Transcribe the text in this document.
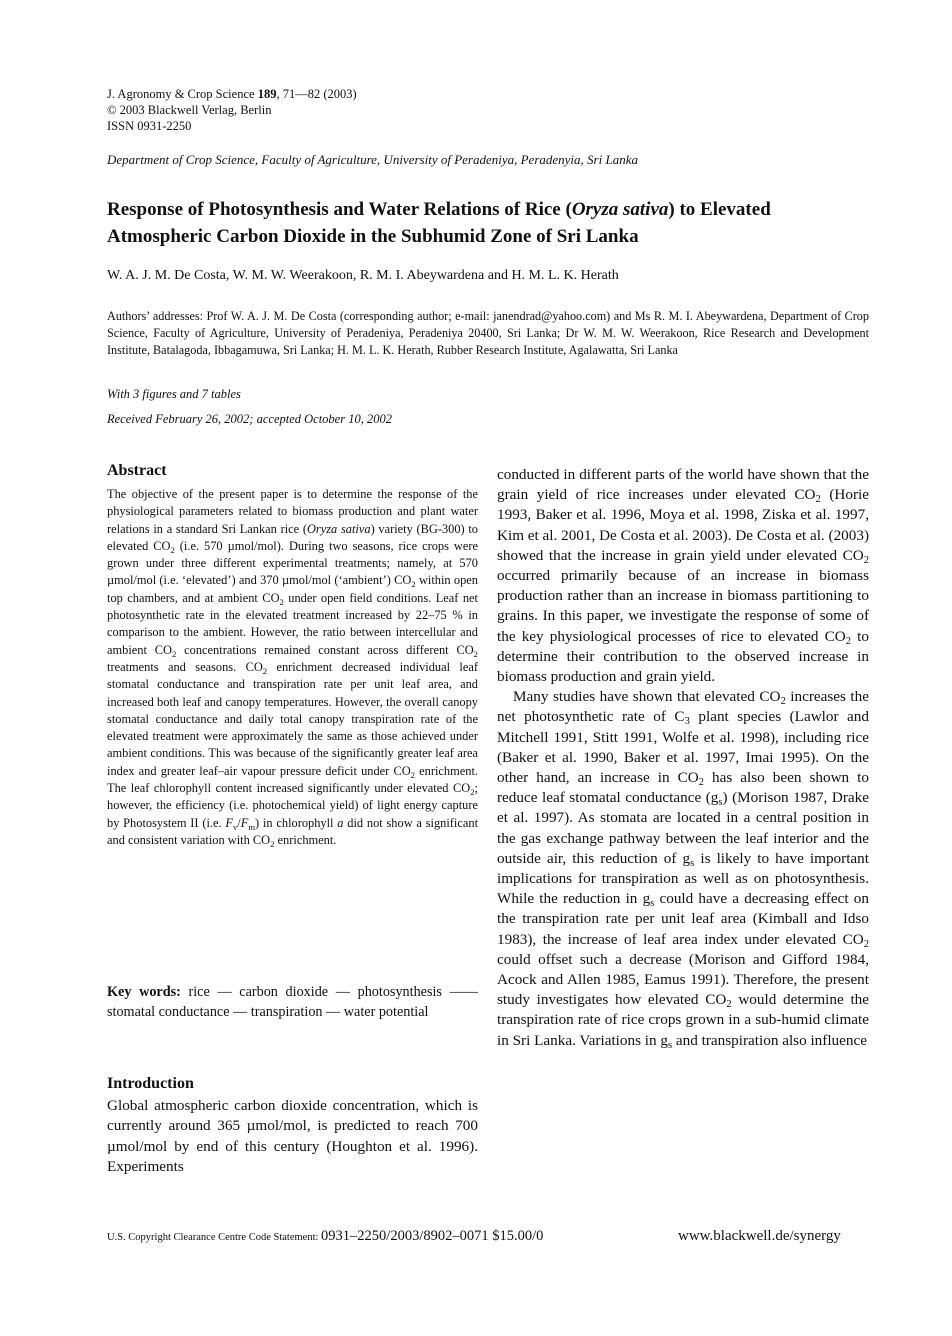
J. Agronomy & Crop Science 189, 71—82 (2003)
© 2003 Blackwell Verlag, Berlin
ISSN 0931-2250
Department of Crop Science, Faculty of Agriculture, University of Peradeniya, Peradenyia, Sri Lanka
Response of Photosynthesis and Water Relations of Rice (Oryza sativa) to Elevated Atmospheric Carbon Dioxide in the Subhumid Zone of Sri Lanka
W. A. J. M. De Costa, W. M. W. Weerakoon, R. M. I. Abeywardena and H. M. L. K. Herath
Authors’ addresses: Prof W. A. J. M. De Costa (corresponding author; e-mail: janendrad@yahoo.com) and Ms R. M. I. Abeywardena, Department of Crop Science, Faculty of Agriculture, University of Peradeniya, Peradeniya 20400, Sri Lanka; Dr W. M. W. Weerakoon, Rice Research and Development Institute, Batalagoda, Ibbagamuwa, Sri Lanka; H. M. L. K. Herath, Rubber Research Institute, Agalawatta, Sri Lanka
With 3 figures and 7 tables
Received February 26, 2002; accepted October 10, 2002
Abstract

The objective of the present paper is to determine the response of the physiological parameters related to biomass production and plant water relations in a standard Sri Lankan rice (Oryza sativa) variety (BG-300) to elevated $CO_2$ (i.e. 570 µmol/mol). During two seasons, rice crops were grown under three different experimental treatments; namely, at 570 µmol/mol (i.e. ‘elevated’) and 370 µmol/mol (‘ambient’) $CO_2$ within open top chambers, and at ambient $CO_2$ under open field conditions. Leaf net photosynthetic rate in the elevated treatment increased by 22–75 % in comparison to the ambient. However, the ratio between intercellular and ambient $CO_2$ concentrations remained constant across different $CO_2$ treatments and seasons. $CO_2$ enrichment decreased individual leaf stomatal conductance and transpiration rate per unit leaf area, and increased both leaf and canopy temperatures. However, the overall canopy stomatal conductance and daily total canopy transpiration rate of the elevated treatment were approximately the same as those achieved under ambient conditions. This was because of the significantly greater leaf area index and greater leaf–air vapour pressure deficit under $CO_2$ enrichment. The leaf chlorophyll content increased significantly under elevated $CO_2$; however, the efficiency (i.e. photochemical yield) of light energy capture by Photosystem II (i.e. $F_v/F_m$) in chlorophyll a did not show a significant and consistent variation with $CO_2$ enrichment.

Key words: rice — carbon dioxide — photosynthesis —— stomatal conductance — transpiration — water potential
Introduction
Global atmospheric carbon dioxide concentration, which is currently around 365 µmol/mol, is predicted to reach 700 µmol/mol by end of this century (Houghton et al. 1996). Experiments

conducted in different parts of the world have shown that the grain yield of rice increases under elevated $CO_2$ (Horie 1993, Baker et al. 1996, Moya et al. 1998, Ziska et al. 1997, Kim et al. 2001, De Costa et al. 2003). De Costa et al. (2003) showed that the increase in grain yield under elevated $CO_2$ occurred primarily because of an increase in biomass production rather than an increase in biomass partitioning to grains. In this paper, we investigate the response of some of the key physiological processes of rice to elevated $CO_2$ to determine their contribution to the observed increase in biomass production and grain yield.

Many studies have shown that elevated $CO_2$ increases the net photosynthetic rate of $C_3$ plant species (Lawlor and Mitchell 1991, Stitt 1991, Wolfe et al. 1998), including rice (Baker et al. 1990, Baker et al. 1997, Imai 1995). On the other hand, an increase in $CO_2$ has also been shown to reduce leaf stomatal conductance $(g_s)$ (Morison 1987, Drake et al. 1997). As stomata are located in a central position in the gas exchange pathway between the leaf interior and the outside air, this reduction of $g_s$ is likely to have important implications for transpiration as well as on photosynthesis. While the reduction in $g_s$ could have a decreasing effect on the transpiration rate per unit leaf area (Kimball and Idso 1983), the increase of leaf area index under elevated $CO_2$ could offset such a decrease (Morison and Gifford 1984, Acock and Allen 1985, Eamus 1991). Therefore, the present study investigates how elevated $CO_2$ would determine the transpiration rate of rice crops grown in a sub-humid climate in Sri Lanka. Variations in $g_s$ and transpiration also influence

U.S. Copyright Clearance Centre Code Statement: 0931–2250/2003/8902–0071 $15.00/0	www.blackwell.de/synergy
